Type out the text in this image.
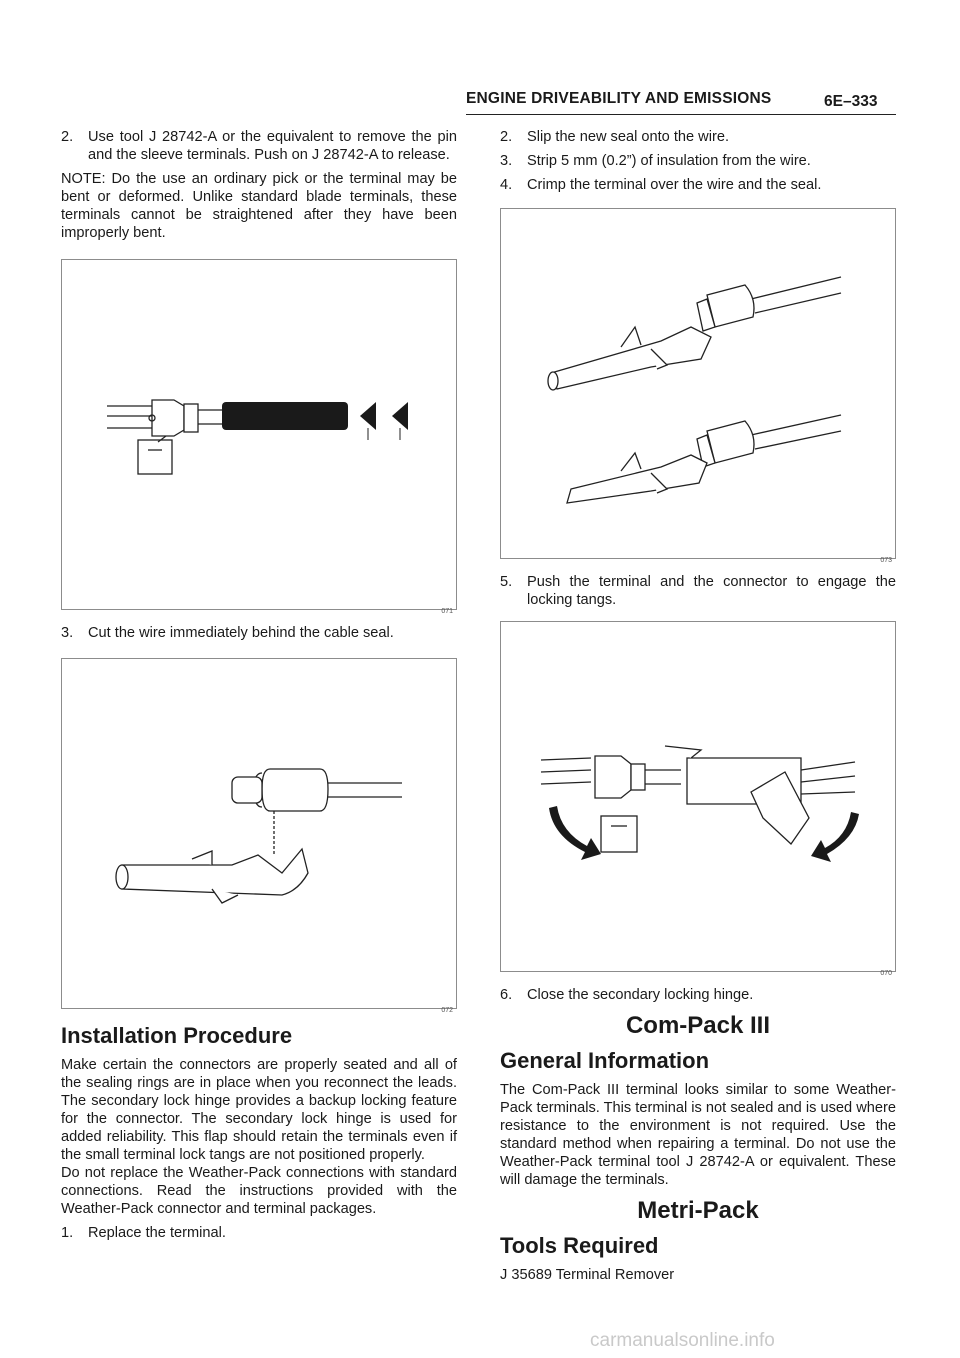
ENGINE DRIVEABILITY AND EMISSIONS	6E–333
2. Use tool J 28742-A or the equivalent to remove the pin and the sleeve terminals. Push on J 28742-A to release.

NOTE: Do the use an ordinary pick or the terminal may be bent or deformed. Unlike standard blade terminals, these terminals cannot be straightened after they have been improperly bent.

071
3. Cut the wire immediately behind the cable seal.
072
Installation Procedure

Make certain the connectors are properly seated and all of the sealing rings are in place when you reconnect the leads. The secondary lock hinge provides a backup locking feature for the connector. The secondary lock hinge is used for added reliability. This flap should retain the terminals even if the small terminal lock tangs are not positioned properly.

Do not replace the Weather-Pack connections with standard connections. Read the instructions provided with the Weather-Pack connector and terminal packages.

1. Replace the terminal.
2. Slip the new seal onto the wire.
3. Strip 5 mm (0.2”) of insulation from the wire.
4. Crimp the terminal over the wire and the seal.
073
5. Push the terminal and the connector to engage the locking tangs.
070
6. Close the secondary locking hinge.
Com-Pack III
General Information

The Com-Pack III terminal looks similar to some Weather-Pack terminals. This terminal is not sealed and is used where resistance to the environment is not required. Use the standard method when repairing a terminal. Do not use the Weather-Pack terminal tool J 28742-A or equivalent. These will damage the terminals.

Metri-Pack
Tools Required

J 35689 Terminal Remover

carmanualsonline.info
